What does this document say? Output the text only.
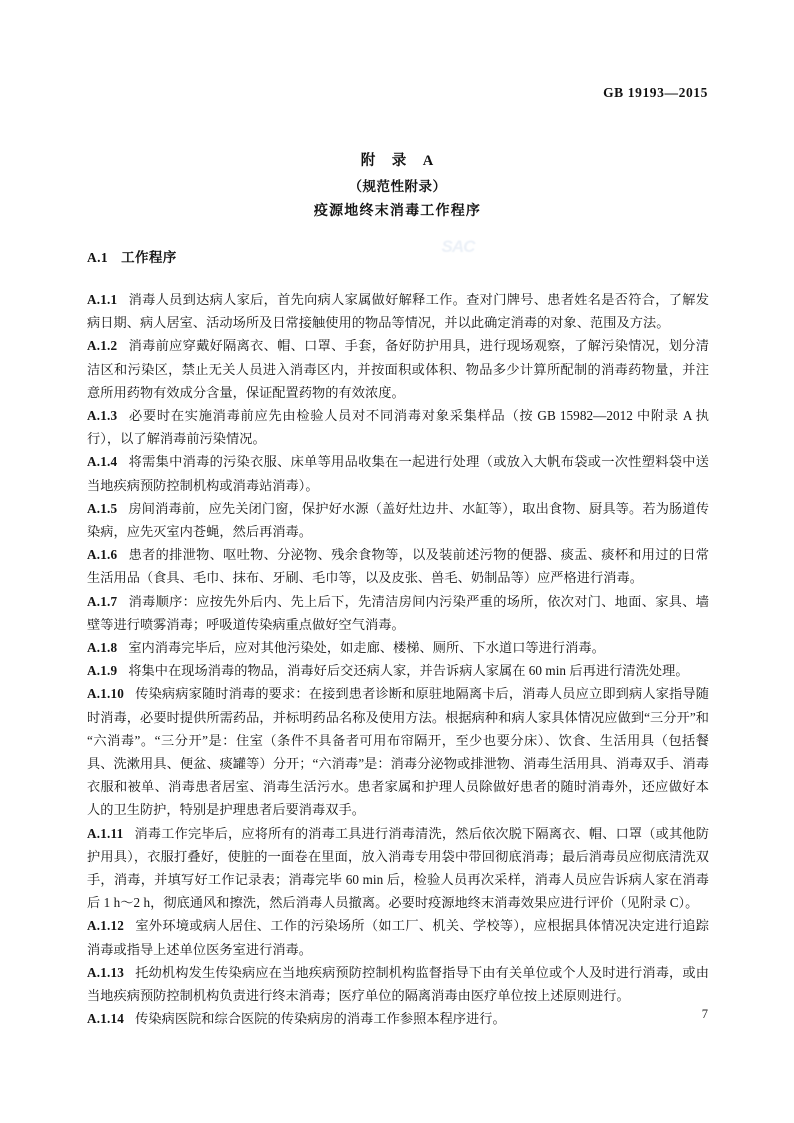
GB 19193—2015
附　录　A
（规范性附录）
疫源地终末消毒工作程序
SAC
A.1 工作程序

A.1.1 消毒人员到达病人家后，首先向病人家属做好解释工作。查对门牌号、患者姓名是否符合，了解发病日期、病人居室、活动场所及日常接触使用的物品等情况，并以此确定消毒的对象、范围及方法。

A.1.2 消毒前应穿戴好隔离衣、帽、口罩、手套，备好防护用具，进行现场观察，了解污染情况，划分清洁区和污染区，禁止无关人员进入消毒区内，并按面积或体积、物品多少计算所配制的消毒药物量，并注意所用药物有效成分含量，保证配置药物的有效浓度。

A.1.3 必要时在实施消毒前应先由检验人员对不同消毒对象采集样品（按 GB 15982—2012 中附录 A 执行），以了解消毒前污染情况。

A.1.4 将需集中消毒的污染衣服、床单等用品收集在一起进行处理（或放入大帆布袋或一次性塑料袋中送当地疾病预防控制机构或消毒站消毒）。

A.1.5 房间消毒前，应先关闭门窗，保护好水源（盖好灶边井、水缸等），取出食物、厨具等。若为肠道传染病，应先灭室内苍蝇，然后再消毒。

A.1.6 患者的排泄物、呕吐物、分泌物、残余食物等，以及装前述污物的便器、痰盂、痰杯和用过的日常生活用品（食具、毛巾、抹布、牙刷、毛巾等，以及皮张、兽毛、奶制品等）应严格进行消毒。

A.1.7 消毒顺序：应按先外后内、先上后下，先清洁房间内污染严重的场所，依次对门、地面、家具、墙壁等进行喷雾消毒；呼吸道传染病重点做好空气消毒。

A.1.8 室内消毒完毕后，应对其他污染处，如走廊、楼梯、厕所、下水道口等进行消毒。

A.1.9 将集中在现场消毒的物品，消毒好后交还病人家，并告诉病人家属在 60 min 后再进行清洗处理。

A.1.10 传染病病家随时消毒的要求：在接到患者诊断和原驻地隔离卡后，消毒人员应立即到病人家指导随时消毒，必要时提供所需药品，并标明药品名称及使用方法。根据病种和病人家具体情况应做到“三分开”和“六消毒”。“三分开”是：住室（条件不具备者可用布帘隔开，至少也要分床）、饮食、生活用具（包括餐具、洗漱用具、便盆、痰罐等）分开；“六消毒”是：消毒分泌物或排泄物、消毒生活用具、消毒双手、消毒衣服和被单、消毒患者居室、消毒生活污水。患者家属和护理人员除做好患者的随时消毒外，还应做好本人的卫生防护，特别是护理患者后要消毒双手。

A.1.11 消毒工作完毕后，应将所有的消毒工具进行消毒清洗，然后依次脱下隔离衣、帽、口罩（或其他防护用具），衣服打叠好，使脏的一面卷在里面，放入消毒专用袋中带回彻底消毒；最后消毒员应彻底清洗双手，消毒，并填写好工作记录表；消毒完毕 60 min 后，检验人员再次采样，消毒人员应告诉病人家在消毒后 1 h～2 h，彻底通风和擦洗，然后消毒人员撤离。必要时疫源地终末消毒效果应进行评价（见附录 C）。

A.1.12 室外环境或病人居住、工作的污染场所（如工厂、机关、学校等），应根据具体情况决定进行追踪消毒或指导上述单位医务室进行消毒。

A.1.13 托幼机构发生传染病应在当地疾病预防控制机构监督指导下由有关单位或个人及时进行消毒，或由当地疾病预防控制机构负责进行终末消毒；医疗单位的隔离消毒由医疗单位按上述原则进行。

A.1.14 传染病医院和综合医院的传染病房的消毒工作参照本程序进行。	7
